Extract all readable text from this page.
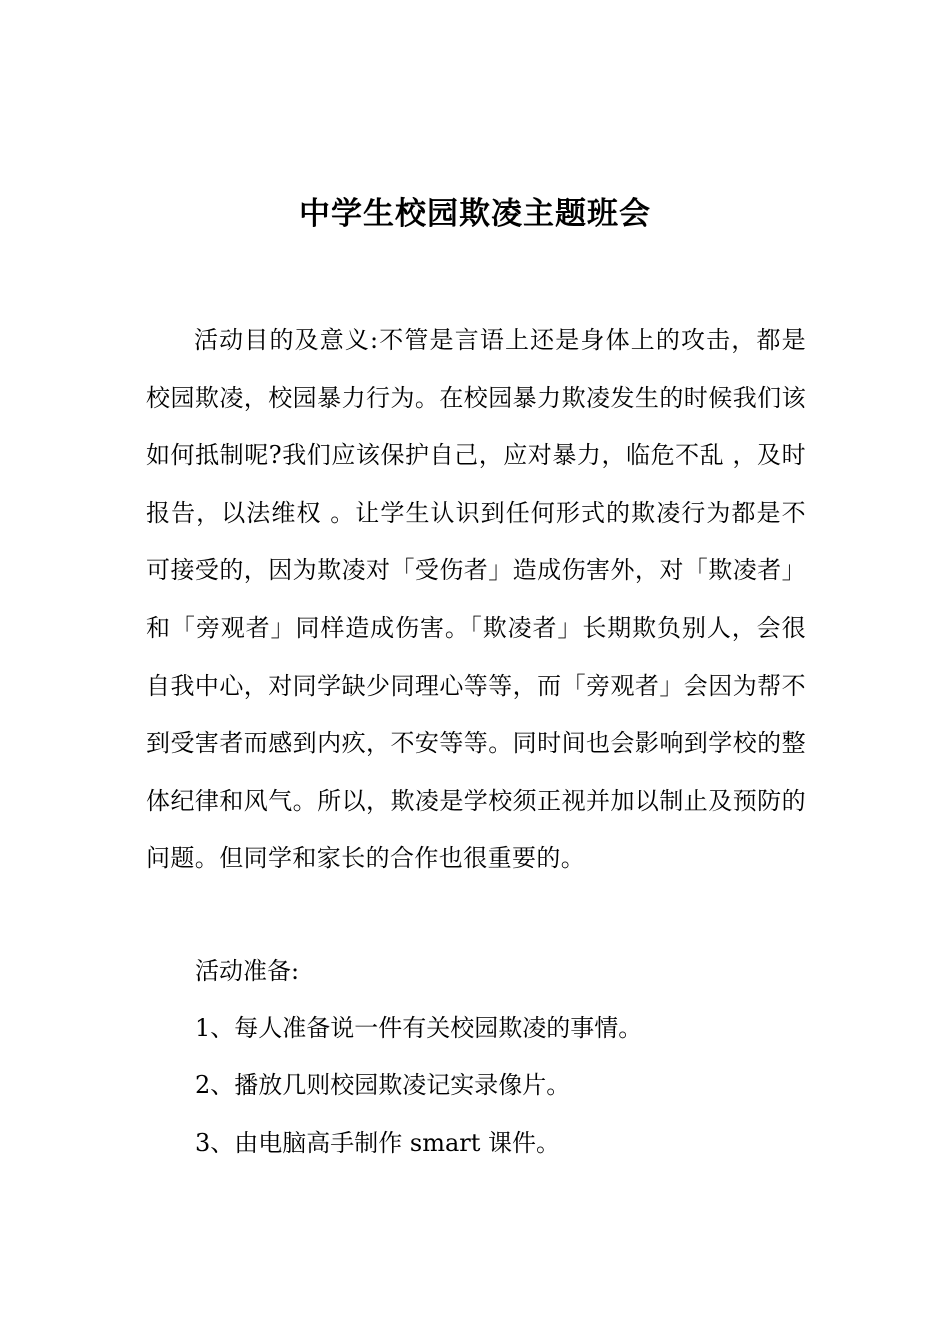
中学生校园欺凌主题班会

活动目的及意义:不管是言语上还是身体上的攻击，都是校园欺凌，校园暴力行为。在校园暴力欺凌发生的时候我们该如何抵制呢?我们应该保护自己，应对暴力，临危不乱 ，及时报告，以法维权 。让学生认识到任何形式的欺凌行为都是不可接受的，因为欺凌对「受伤者」造成伤害外，对「欺凌者」和「旁观者」同样造成伤害。「欺凌者」长期欺负别人，会很自我中心，对同学缺少同理心等等，而「旁观者」会因为帮不到受害者而感到内疚，不安等等。同时间也会影响到学校的整体纪律和风气。所以，欺凌是学校须正视并加以制止及预防的问题。但同学和家长的合作也很重要的。

活动准备:

1、每人准备说一件有关校园欺凌的事情。

2、播放几则校园欺凌记实录像片。

3、由电脑高手制作 smart 课件。
